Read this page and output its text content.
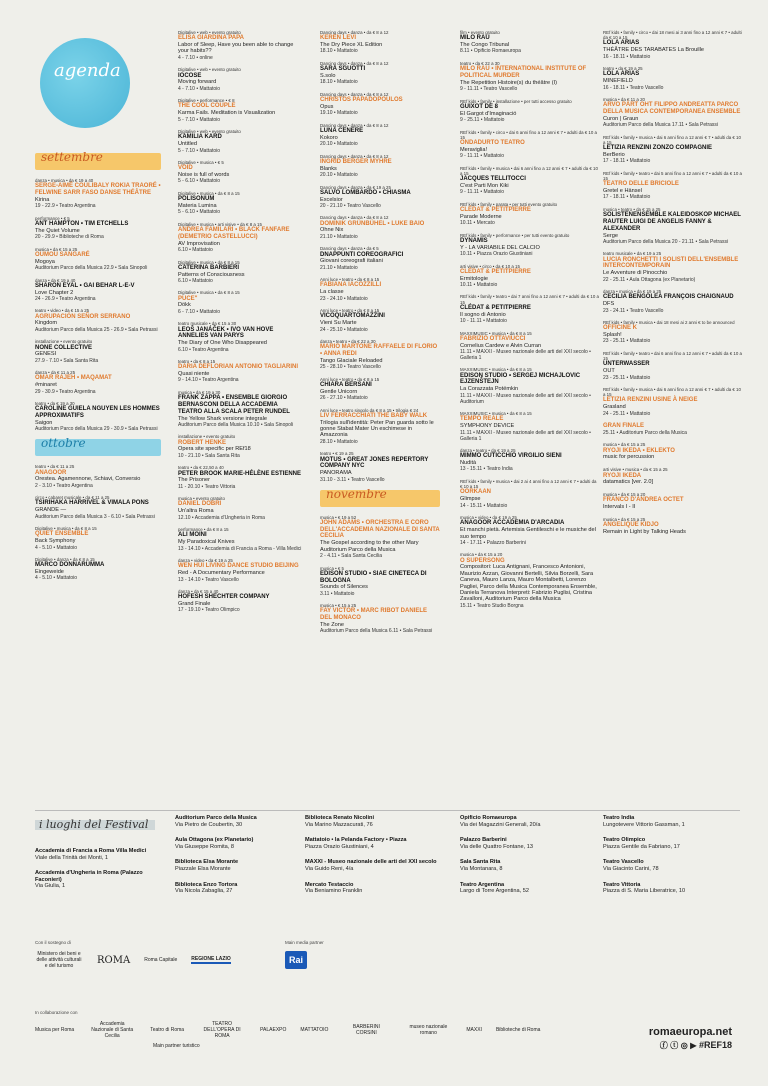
agenda
settembre
danza • musica • da € 19 a 40
SERGE-AIMÉ COULIBALY ROKIA TRAORÉ • FELWINE SARR FASO DANSE THÉÂTRE
Kirina
19 - 22.9 • Teatro Argentina
performance • € 5
ANT HAMPTON • TIM ETCHELLS
The Quiet Volume
20 - 29.9 • Biblioteche di Roma
musica • da € 15 a 25
OUMOU SANGARÉ
Mogoya
Auditorium Parco della Musica 22.9 • Sala Sinopoli
danza • da € 19 a 40
SHARON EYAL • GAI BEHAR L-E-V
Love Chapter 2
24 - 26.9 • Teatro Argentina
teatro • video • da € 15 a 25
AGRUPACIÓN SEÑOR SERRANO
Kingdom
Auditorium Parco della Musica 25 - 26.9 • Sala Petrassi
installazione • evento gratuito
NONE COLLECTIVE
GENESI
27.9 - 7.10 • Sala Santa Rita
danza • da € 11 a 25
OMAR RAJEH • MAQAMAT
#minaret
29 - 30.9 • Teatro Argentina
teatro • da € 19 a 30
CAROLINE GUIELA NGUYEN LES HOMMES APPROXIMATIFS
Saigon
Auditorium Parco della Musica 29 - 30.9 • Sala Petrassi
ottobre
teatro • da € 11 a 25
ANAGOOR
Orestea. Agamennone, Schiavi, Conversio
2 - 3.10 • Teatro Argentina
circo • cabaret musicale • da € 11 a 25
TSIRIHAKA HARRIVEL & VIMALA PONS
GRANDE —
Auditorium Parco della Musica 3 - 6.10 • Sala Petrassi
Digitalive • musica • da € 8 a 15
QUIET ENSEMBLE
Back Symphony
4 - 5.10 • Mattatoio
Digitalive • danza • da € 8 a 15
MARCO DONNARUMMA
Eingeweide
4 - 5.10 • Mattatoio
Digitalive • web • evento gratuito
ELISA GIARDINA PAPA
Labor of Sleep, Have you been able to change your habits??
4 - 7.10 • online
Digitalive • web • evento gratuito
IOCOSE
Moving forward
4 - 7.10 • Mattatoio
Digitalive • performance • € 8
THE COOL COUPLE
Karma Fails. Meditation is Visualization
5 - 7.10 • Mattatoio
Digitalive • web • evento gratuito
KAMILIA KARD
Untitled
5 - 7.10 • Mattatoio
Digitalive • musica • € 5
VOID
Noise is full of words
5 - 6.10 • Mattatoio
Digitalive • musica • da € 8 a 15
POLISONUM
Materia Lumina
5 - 6.10 • Mattatoio
Digitalive • musica • arti visive • da € 8 a 15
ANDREA FAMILARI • BLACK FANFARE (DEMETRIO CASTELLUCCI)
AV Improvisation
6.10 • Mattatoio
Digitalive • musica • da € 8 a 15
CATERINA BARBIERI
Patterns of Consciousness
6.10 • Mattatoio
Digitalive • musica • da € 8 a 15
PUCE"
Dökk
6 - 7.10 • Mattatoio
teatro musicale • da € 15 a 30
LEOŠ JANÁČEK • IVO VAN HOVE ANNELIES VAN PARYS
The Diary of One Who Disappeared
6.10 • Teatro Argentina
teatro • da € 8 a 15
DARIA DEFLORIAN ANTONIO TAGLIARINI
Quasi niente
9 - 14.10 • Teatro Argentina
musica • da € 19 a 30
FRANK ZAPPA • ENSEMBLE GIORGIO BERNASCONI DELLA ACCADEMIA TEATRO ALLA SCALA PETER RUNDEL
The Yellow Shark versione integrale
Auditorium Parco della Musica 10.10 • Sala Sinopoli
installazione • evento gratuito
ROBERT HENKE
Opera site specific per REf18
10 - 21.10 • Sala Santa Rita
teatro • da € 22,50 a 40
PETER BROOK MARIE-HÉLÈNE ESTIENNE
The Prisoner
11 - 20.10 • Teatro Vittoria
musica • evento gratuito
DÁNIEL DOBRI
Un'altra Roma
12.10 • Accademia d'Ungheria in Roma
performance • da € 8 a 15
ALI MOINI
My Paradoxical Knives
13 - 14.10 • Accademia di Francia a Roma - Villa Medici
danza • video • da € 19 a 25
WEN HUI LIVING DANCE STUDIO BEIJING
Red - A Documentary Performance
13 - 14.10 • Teatro Vascello
danza • da € 15 a 40
HOFESH SHECHTER COMPANY
Grand Finale
17 - 19.10 • Teatro Olimpico
Dancing days • danza • da € 8 a 12
KEREN LEVI
The Dry Piece XL Edition
18.10 • Mattatoio
Dancing days • danza • da € 8 a 12
SARA SGUOTTI
S.solo
18.10 • Mattatoio
Dancing days • danza • da € 8 a 12
CHRISTOS PAPADOPOULOS
Opus
19.10 • Mattatoio
Dancing days • danza • da € 8 a 12
LUNA CENERE
Kokoro
20.10 • Mattatoio
Dancing days • danza • da € 8 a 12
INGRID BERGER MYHRE
Blanks
20.10 • Mattatoio
Dancing days • danza • da € 19 a 25
SALVO LOMBARDO • CHIASMA
Excelsior
20 - 21.10 • Teatro Vascello
Dancing days • danza • da € 8 a 12
DOMINIK GRÜNBÜHEL • LUKE BAIO
Ohne Nix
21.10 • Mattatoio
Dancing days • danza • da € 5
DNAPPUNTI COREOGRAFICI
Giovani coreografi italiani
21.10 • Mattatoio
Anni luce • teatro • da € 8 a 15
FABIANA IACOZZILLI
La classe
23 - 24.10 • Mattatoio
Anni luce • teatro • da € 8 a 15
VICOQUARTOMAZZINI
Vieni Su Marte
24 - 25.10 • Mattatoio
danza • teatro • da € 22 a 30
MARIO MARTONE RAFFAELE DI FLORIO • ANNA REDI
Tango Glaciale Reloaded
25 - 28.10 • Teatro Vascello
Anni luce • teatro • da € 8 a 15
CHIARA BERSANI
Gentle Unicorn
26 - 27.10 • Mattatoio
Anni luce • teatro singolo da € 8 a 15 • trilogia € 24
LIV FERRACCHIATI THE BABY WALK
Trilogia sull'identità: Peter Pan guarda sotto le gonne Stabat Mater Un eschimese in Amazzonia
28.10 • Mattatoio
teatro • € 19 a 25
MOTUS • GREAT JONES REPERTORY COMPANY NYC
PANORAMA
31.10 - 3.11 • Teatro Vascello
novembre
musica • € 19 a 52
JOHN ADAMS • ORCHESTRA E CORO DELL'ACCADEMIA NAZIONALE DI SANTA CECILIA
The Gospel according to the other Mary Auditorium Parco della Musica
2 - 4.11 • Sala Santa Cecilia
musica • € 5
EDISON STUDIO • SIAE CINETECA DI BOLOGNA
Sounds of Silences
3.11 • Mattatoio
musica • € 15 a 25
FAY VICTOR • MARC RIBOT DANIELE DEL MONACO
The Zone
Auditorium Parco della Musica 6.11 • Sala Petrassi
film • evento gratuito
MILO RAU
The Congo Tribunal
8.11 • Opificio Romaeuropa
teatro • da € 22 a 30
MILO RAU • INTERNATIONAL INSTITUTE OF POLITICAL MURDER
The Repetition Histoire(s) du théâtre (I)
9 - 11.11 • Teatro Vascello
REf kids • family • installazione • per tutti accesso gratuito
GUIXOT DE 8
El Gargot d'Imaginació
9 - 25.11 • Mattatoio
REf kids • family • circo • dai 6 anni fino a 12 anni € 7 • adulti da € 10 a 15
ONDADURTO TEATRO
Meraviglia!
9 - 11.11 • Mattatoio
REf kids • family • musica • dai 6 anni fino a 12 anni € 7 • adulti da € 10 a 15
JACQUES TELLITOCCI
C'est Parti Mon Kiki
9 - 11.11 • Mattatoio
REf kids • family • parata • per tutti evento gratuito
CLÉDAT & PETITPIERRE
Parade Moderne
10.11 • Mercato
REf kids • family • performance • per tutti evento gratuito
DYNAMIS
Y - LA VARIABILE DEL CALCIO
10.11 • Piazza Orazio Giustiniani
arti visive • circo • da € 10 a 15
CLÉDAT & PETITPIERRE
Ermitologie
10.11 • Mattatoio
REf kids • family • teatro • dai 7 anni fino a 12 anni € 7 • adulti da € 10 a 15
CLÉDAT & PETITPIERRE
Il sogno di Antonio
10 - 11.11 • Mattatoio
MAXXIMUSIC • musica • da € 8 a 15
FABRIZIO OTTAVIUCCI
Cornelius Cardew e Alvin Curran
11.11 • MAXXI - Museo nazionale delle arti del XXI secolo • Galleria 1
MAXXIMUSIC • musica • da € 8 a 15
EDISON STUDIO • SERGEJ MICHAJLOVIC EJZENŠTEJN
La Corazzata Potëmkin
11.11 • MAXXI - Museo nazionale delle arti del XXI secolo • Auditorium
MAXXIMUSIC • musica • da € 8 a 15
TEMPO REALE
SYMPHONY DEVICE
11.11 • MAXXI - Museo nazionale delle arti del XXI secolo • Galleria 1
danza • teatro • da € 19 a 25
MIMMO CUTICCHIO VIRGILIO SIENI
Nudità
13 - 15.11 • Teatro India
REf kids • family • musica • dai 2 ai 4 anni fino a 12 anni € 7 • adulti da € 10 a 15
OORKAAN
Glimpse
14 - 15.11 • Mattatoio
musica • video • da € 19 a 25
ANAGOOR ACCADEMIA D'ARCADIA
Et manchi pietà. Artemisia Gentileschi e le musiche del suo tempo
14 - 17.11 • Palazzo Barberini
musica • da € 15 a 20
O SUPERSONG
Compositori: Luca Antignani, Francesco Antonioni, Maurizio Azzan, Giovanni Bertelli, Silvia Borzelli, Sara Caneva, Mauro Lanza, Mauro Montalbetti, Lorenzo Pagliei, Parco della Musica Contemporanea Ensemble, Daniela Terranova Interpreti: Fabrizio Puglisi, Cristina Zavalloni, Auditorium Parco della Musica
15.11 • Teatro Studio Borgna
REf kids • family • circo • dai 18 mesi ai 3 anni fino a 12 anni € 7 • adulti da € 10 a 15
LOLA ARIAS
THÉÂTRE DES TARABATES La Brouille
16 - 18.11 • Mattatoio
teatro • da € 19 a 25
LOLA ARIAS
MINEFIELD
16 - 18.11 • Teatro Vascello
musica • da € 11 a 20
ARVO PÄRT OHT FILIPPO ANDREATTA PARCO DELLA MUSICA CONTEMPORANEA ENSEMBLE
Curon | Graun
Auditorium Parco della Musica 17.11 • Sala Petrassi
REf kids • family • musica • dai 6 anni fino a 12 anni € 7 • adulti da € 10 a 15
LETIZIA RENZINI ZONZO COMPAGNIE
BerBerio
17 - 18.11 • Mattatoio
REf kids • family • teatro • dai 5 anni fino a 12 anni € 7 • adulti da € 10 a 15
TEATRO DELLE BRICIOLE
Gretel e Hänsel
17 - 18.11 • Mattatoio
musica • teatro • da € 15 a 25
SOLISTENENSEMBLE KALEIDOSKOP MICHAEL RAUTER LUIGI DE ANGELIS FANNY & ALEXANDER
Serge
Auditorium Parco della Musica 20 - 21.11 • Sala Petrassi
teatro musicale • da € 19 a 25
LUCIA RONCHETTI I SOLISTI DELL'ENSEMBLE INTERCONTEMPORAIN
Le Avventure di Pinocchio
22 - 25.11 • Aula Ottagona (ex Planetario)
danza • musica • da € 19 a 25
CECILIA BENGOLEA FRANÇOIS CHAIGNAUD
DFS
23 - 24.11 • Teatro Vascello
REf kids • family • musica • dai 18 mesi ai 2 anni € to be announced
OFFICINE K
Splash!
23 - 25.11 • Mattatoio
REf kids • family • teatro • dai 6 anni fino a 12 anni € 7 • adulti da € 10 a 15
UNTERWASSER
OUT
23 - 25.11 • Mattatoio
REf kids • family • musica • dai 6 anni fino a 12 anni € 7 • adulti da € 10 a 15
LETIZIA RENZINI USINE À NEIGE
Grasland
24 - 25.11 • Mattatoio
GRAN FINALE
25.11 • Auditorium Parco della Musica
musica • da € 15 a 25
RYOJI IKEDA • EKLEKTO
music for percussion
arti visive • musica • da € 15 a 25
RYOJI IKEDA
datamatics [ver. 2.0]
musica • da € 15 a 20
FRANCO D'ANDREA OCTET
Intervals I - II
musica • da € 15 a 25
ANGELIQUE KIDJO
Remain in Light by Talking Heads
i luoghi del Festival
Accademia di Francia a Roma Villa Medici
Viale della Trinità dei Monti, 1
Accademia d'Ungheria in Roma (Palazzo Faconieri)
Via Giulia, 1
Auditorium Parco della Musica
Via Pietro de Coubertin, 30
Aula Ottagona (ex Planetario)
Via Giuseppe Romita, 8
Biblioteca Elsa Morante
Piazzale Elsa Morante
Biblioteca Enzo Tortora
Via Nicola Zabaglia, 27
Biblioteca Renato Nicolini
Via Marino Mazzacurati, 76
Mattatoio • la Pelanda Factory • Piazza
Piazza Orazio Giustiniani, 4
MAXXI - Museo nazionale delle arti del XXI secolo
Via Guido Reni, 4/a
Mercato Testaccio
Via Beniamino Franklin
Opificio Romaeuropa
Via dei Magazzini Generali, 20/a
Palazzo Barberini
Via delle Quattro Fontane, 13
Sala Santa Rita
Via Montanara, 8
Teatro Argentina
Largo di Torre Argentina, 52
Teatro India
Lungotevere Vittorio Gassman, 1
Teatro Olimpico
Piazza Gentile da Fabriano, 17
Teatro Vascello
Via Giacinto Carini, 78
Teatro Vittoria
Piazza di S. Maria Liberatrice, 10
Con il sostegno di
Ministero dei beni e delle attività culturali e del turismo
ROMA	Roma Capitale	REGIONE LAZIO
Main media partner
Rai
In collaborazione con
Musica per Roma
Accademia Nazionale di Santa Cecilia
Teatro di Roma
TEATRO DELL'OPERA DI ROMA
PALAEXPO	MATTATOIO	BARBERINI CORSINI
museo nazionale romano	MAXXI	Biblioteche di Roma
Main partner turistico
romaeuropa.net
ⓕ ⓣ ◎ ▶ #REF18
